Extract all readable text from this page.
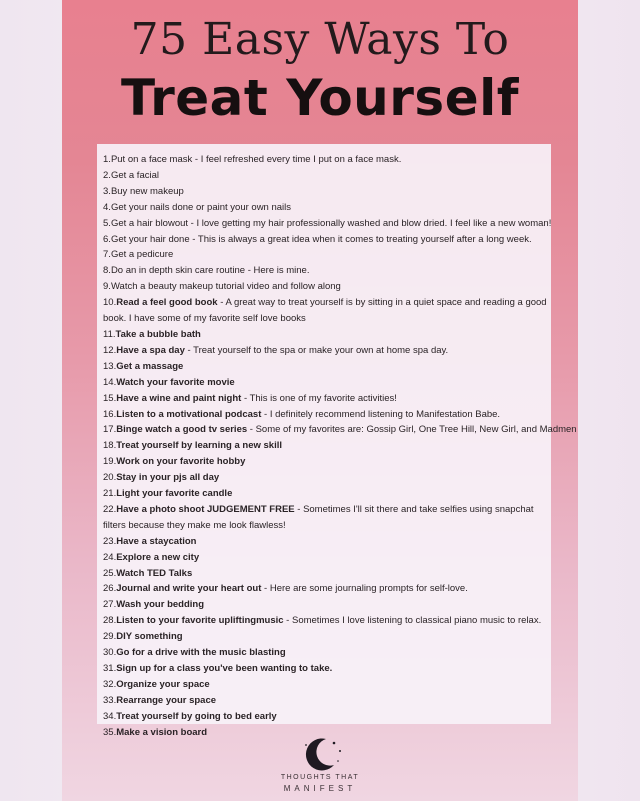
75 Easy Ways To
Treat Yourself
1.Put on a face mask - I feel refreshed every time I put on a face mask.
2.Get a facial
3.Buy new makeup
4.Get your nails done or paint your own nails
5.Get a hair blowout - I love getting my hair professionally washed and blow dried. I feel like a new woman!
6.Get your hair done - This is always a great idea when it comes to treating yourself after a long week.
7.Get a pedicure
8.Do an in depth skin care routine - Here is mine.
9.Watch a beauty makeup tutorial video and follow along
10.Read a feel good book - A great way to treat yourself is by sitting in a quiet space and reading a good book. I have some of my favorite self love books
11.Take a bubble bath
12.Have a spa day - Treat yourself to the spa or make your own at home spa day.
13.Get a massage
14.Watch your favorite movie
15.Have a wine and paint night - This is one of my favorite activities!
16.Listen to a motivational podcast - I definitely recommend listening to Manifestation Babe.
17.Binge watch a good tv series - Some of my favorites are: Gossip Girl, One Tree Hill, New Girl, and Madmen
18.Treat yourself by learning a new skill
19.Work on your favorite hobby
20.Stay in your pjs all day
21.Light your favorite candle
22.Have a photo shoot JUDGEMENT FREE - Sometimes I'll sit there and take selfies using snapchat filters because they make me look flawless!
23.Have a staycation
24.Explore a new city
25.Watch TED Talks
26.Journal and write your heart out - Here are some journaling prompts for self-love.
27.Wash your bedding
28.Listen to your favorite upliftingmusic - Sometimes I love listening to classical piano music to relax.
29.DIY something
30.Go for a drive with the music blasting
31.Sign up for a class you've been wanting to take.
32.Organize your space
33.Rearrange your space
34.Treat yourself by going to bed early
35.Make a vision board
THOUGHTS THAT
MANIFEST
